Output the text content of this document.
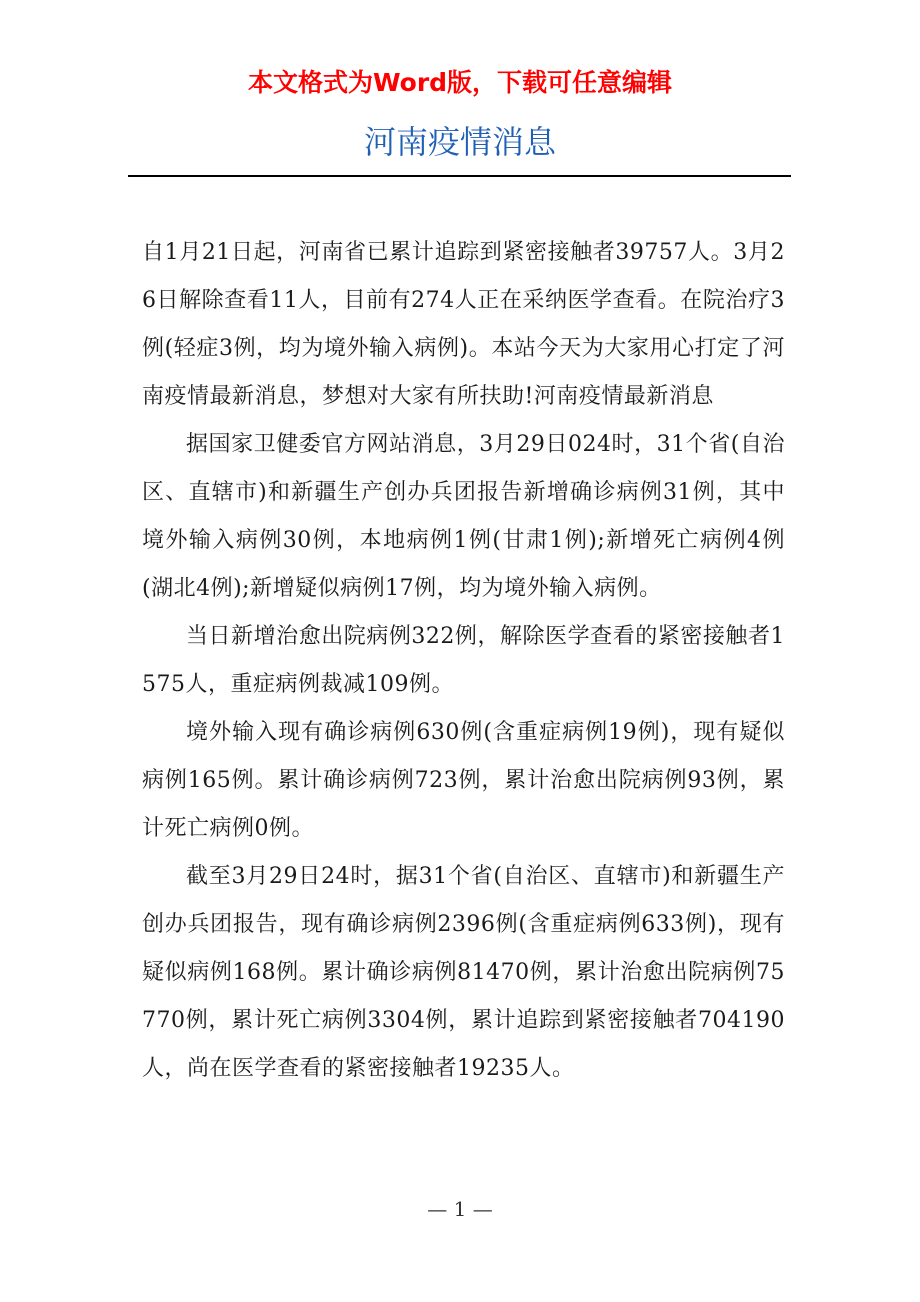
本文格式为Word版，下载可任意编辑
河南疫情消息

自1月21日起，河南省已累计追踪到紧密接触者39757人。3月26日解除查看11人，目前有274人正在采纳医学查看。在院治疗3例(轻症3例，均为境外输入病例)。本站今天为大家用心打定了河南疫情最新消息，梦想对大家有所扶助!河南疫情最新消息

据国家卫健委官方网站消息，3月29日024时，31个省(自治区、直辖市)和新疆生产创办兵团报告新增确诊病例31例，其中境外输入病例30例，本地病例1例(甘肃1例);新增死亡病例4例(湖北4例);新增疑似病例17例，均为境外输入病例。

当日新增治愈出院病例322例，解除医学查看的紧密接触者1575人，重症病例裁减109例。

境外输入现有确诊病例630例(含重症病例19例)，现有疑似病例165例。累计确诊病例723例，累计治愈出院病例93例，累计死亡病例0例。

截至3月29日24时，据31个省(自治区、直辖市)和新疆生产创办兵团报告，现有确诊病例2396例(含重症病例633例)，现有疑似病例168例。累计确诊病例81470例，累计治愈出院病例75770例，累计死亡病例3304例，累计追踪到紧密接触者704190人，尚在医学查看的紧密接触者19235人。

— 1 —
